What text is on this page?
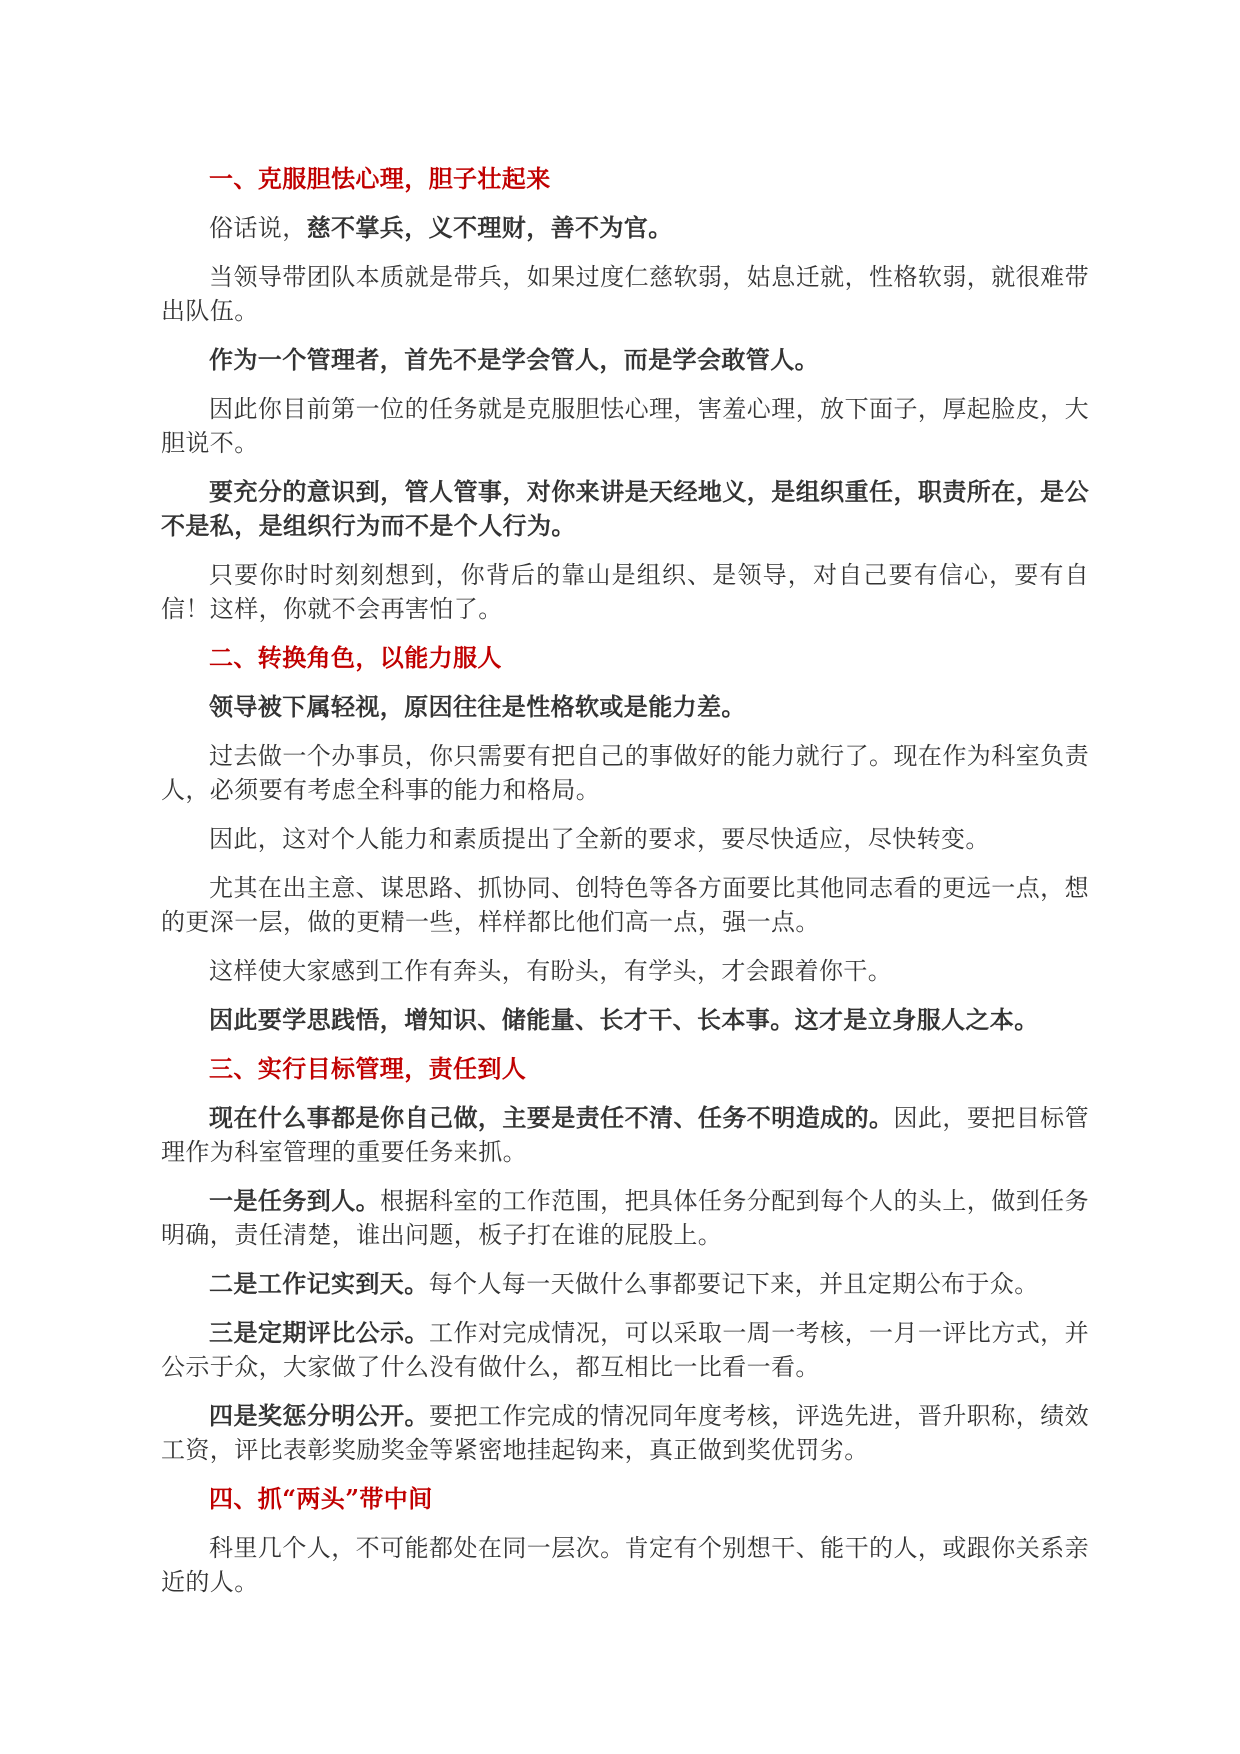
一、克服胆怯心理，胆子壮起来

俗话说，慈不掌兵，义不理财，善不为官。

当领导带团队本质就是带兵，如果过度仁慈软弱，姑息迁就，性格软弱，就很难带出队伍。

作为一个管理者，首先不是学会管人，而是学会敢管人。

因此你目前第一位的任务就是克服胆怯心理，害羞心理，放下面子，厚起脸皮，大胆说不。

要充分的意识到，管人管事，对你来讲是天经地义，是组织重任，职责所在，是公不是私，是组织行为而不是个人行为。

只要你时时刻刻想到，你背后的靠山是组织、是领导，对自己要有信心，要有自信！这样，你就不会再害怕了。

二、转换角色，以能力服人

领导被下属轻视，原因往往是性格软或是能力差。

过去做一个办事员，你只需要有把自己的事做好的能力就行了。现在作为科室负责人，必须要有考虑全科事的能力和格局。

因此，这对个人能力和素质提出了全新的要求，要尽快适应，尽快转变。

尤其在出主意、谋思路、抓协同、创特色等各方面要比其他同志看的更远一点，想的更深一层，做的更精一些，样样都比他们高一点，强一点。

这样使大家感到工作有奔头，有盼头，有学头，才会跟着你干。

因此要学思践悟，增知识、储能量、长才干、长本事。这才是立身服人之本。

三、实行目标管理，责任到人

现在什么事都是你自己做，主要是责任不清、任务不明造成的。因此，要把目标管理作为科室管理的重要任务来抓。

一是任务到人。根据科室的工作范围，把具体任务分配到每个人的头上，做到任务明确，责任清楚，谁出问题，板子打在谁的屁股上。

二是工作记实到天。每个人每一天做什么事都要记下来，并且定期公布于众。

三是定期评比公示。工作对完成情况，可以采取一周一考核，一月一评比方式，并公示于众，大家做了什么没有做什么，都互相比一比看一看。

四是奖惩分明公开。要把工作完成的情况同年度考核，评选先进，晋升职称，绩效工资，评比表彰奖励奖金等紧密地挂起钩来，真正做到奖优罚劣。

四、抓“两头”带中间

科里几个人，不可能都处在同一层次。肯定有个别想干、能干的人，或跟你关系亲近的人。
